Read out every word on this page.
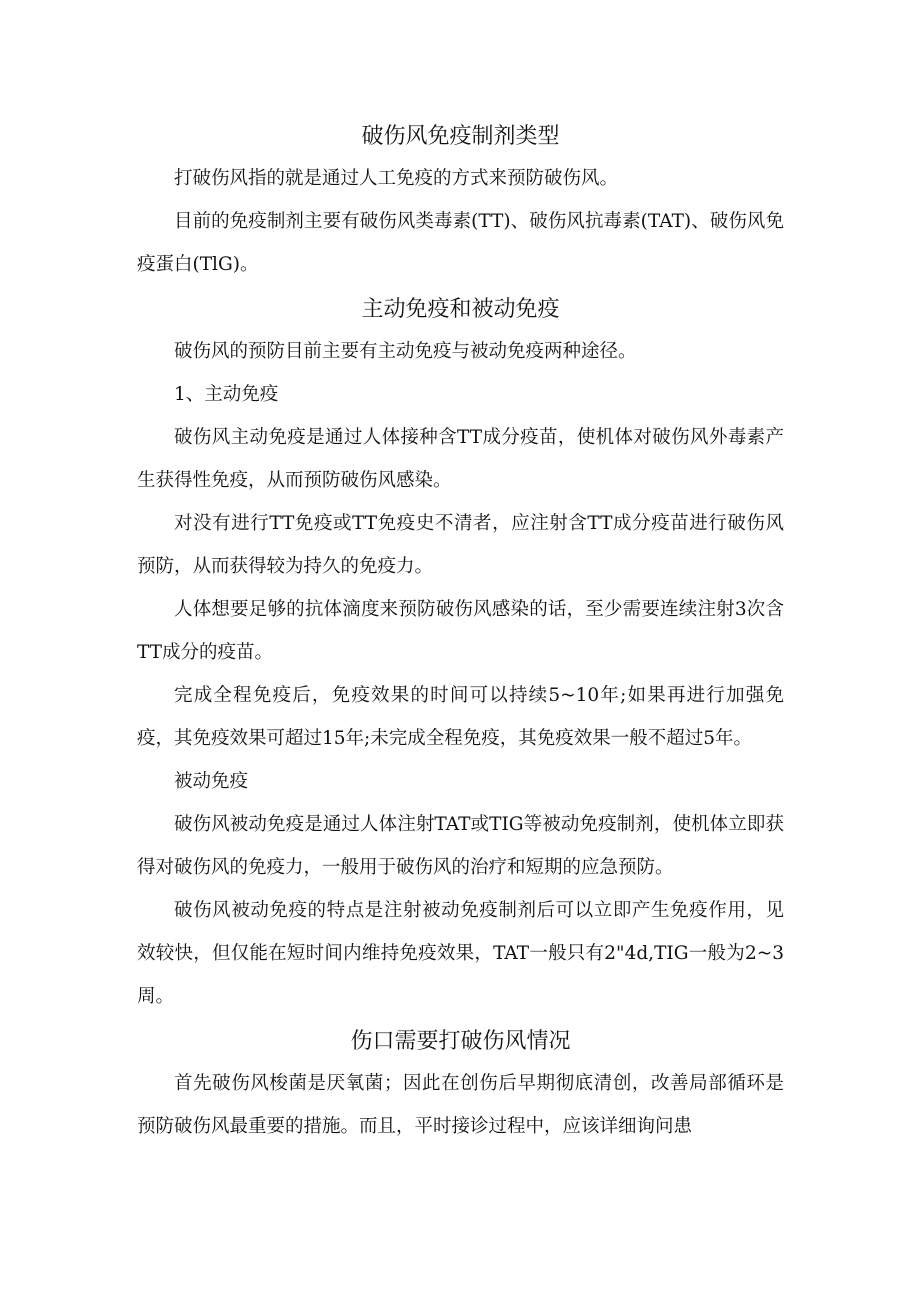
破伤风免疫制剂类型

打破伤风指的就是通过人工免疫的方式来预防破伤风。

目前的免疫制剂主要有破伤风类毒素(TT)、破伤风抗毒素(TAT)、破伤风免疫蛋白(TlG)。

主动免疫和被动免疫

破伤风的预防目前主要有主动免疫与被动免疫两种途径。

1、主动免疫

破伤风主动免疫是通过人体接种含TT成分疫苗，使机体对破伤风外毒素产生获得性免疫，从而预防破伤风感染。

对没有进行TT免疫或TT免疫史不清者，应注射含TT成分疫苗进行破伤风预防，从而获得较为持久的免疫力。

人体想要足够的抗体滴度来预防破伤风感染的话，至少需要连续注射3次含TT成分的疫苗。

完成全程免疫后，免疫效果的时间可以持续5~10年;如果再进行加强免疫，其免疫效果可超过15年;未完成全程免疫，其免疫效果一般不超过5年。

被动免疫

破伤风被动免疫是通过人体注射TAT或TIG等被动免疫制剂，使机体立即获得对破伤风的免疫力，一般用于破伤风的治疗和短期的应急预防。

破伤风被动免疫的特点是注射被动免疫制剂后可以立即产生免疫作用，见效较快，但仅能在短时间内维持免疫效果，TAT一般只有2"4d,TIG一般为2~3周。

伤口需要打破伤风情况

首先破伤风梭菌是厌氧菌；因此在创伤后早期彻底清创，改善局部循环是预防破伤风最重要的措施。而且，平时接诊过程中，应该详细询问患
